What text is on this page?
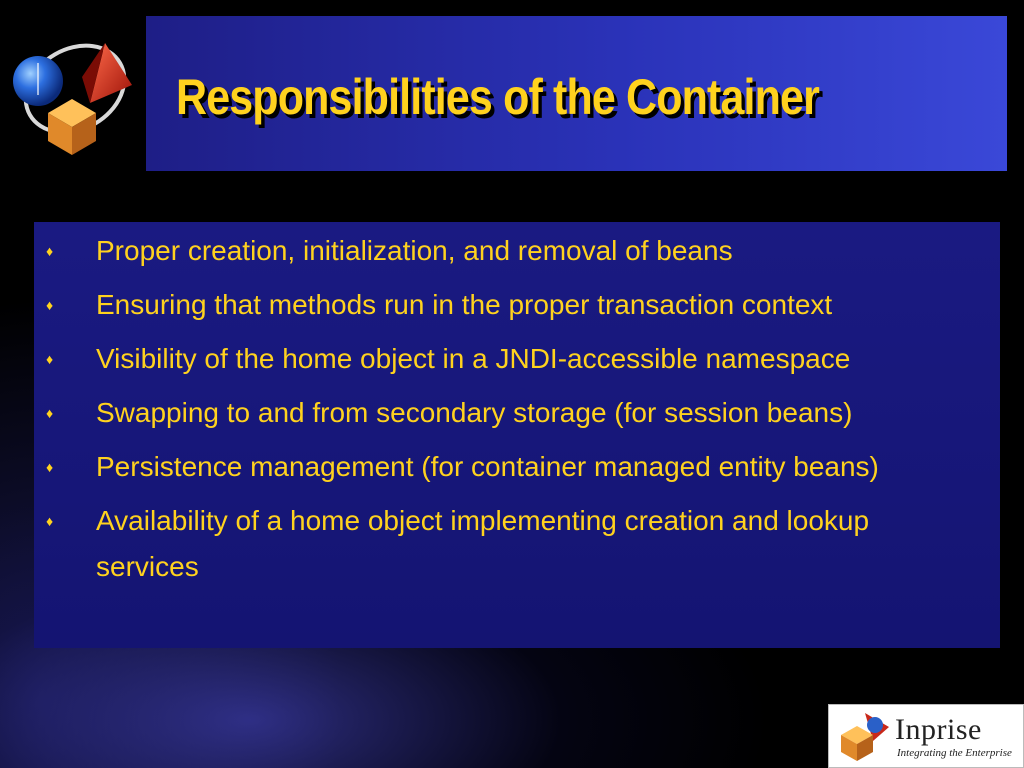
Responsibilities of the Container
♦	Proper creation, initialization, and removal of beans
♦	Ensuring that methods run in the proper transaction context
♦	Visibility of the home object in a JNDI-accessible namespace
♦	Swapping to and from secondary storage (for session beans)
♦	Persistence management (for container managed entity beans)
♦	Availability of a home object implementing creation and lookup services
Inprise
Integrating the Enterprise
